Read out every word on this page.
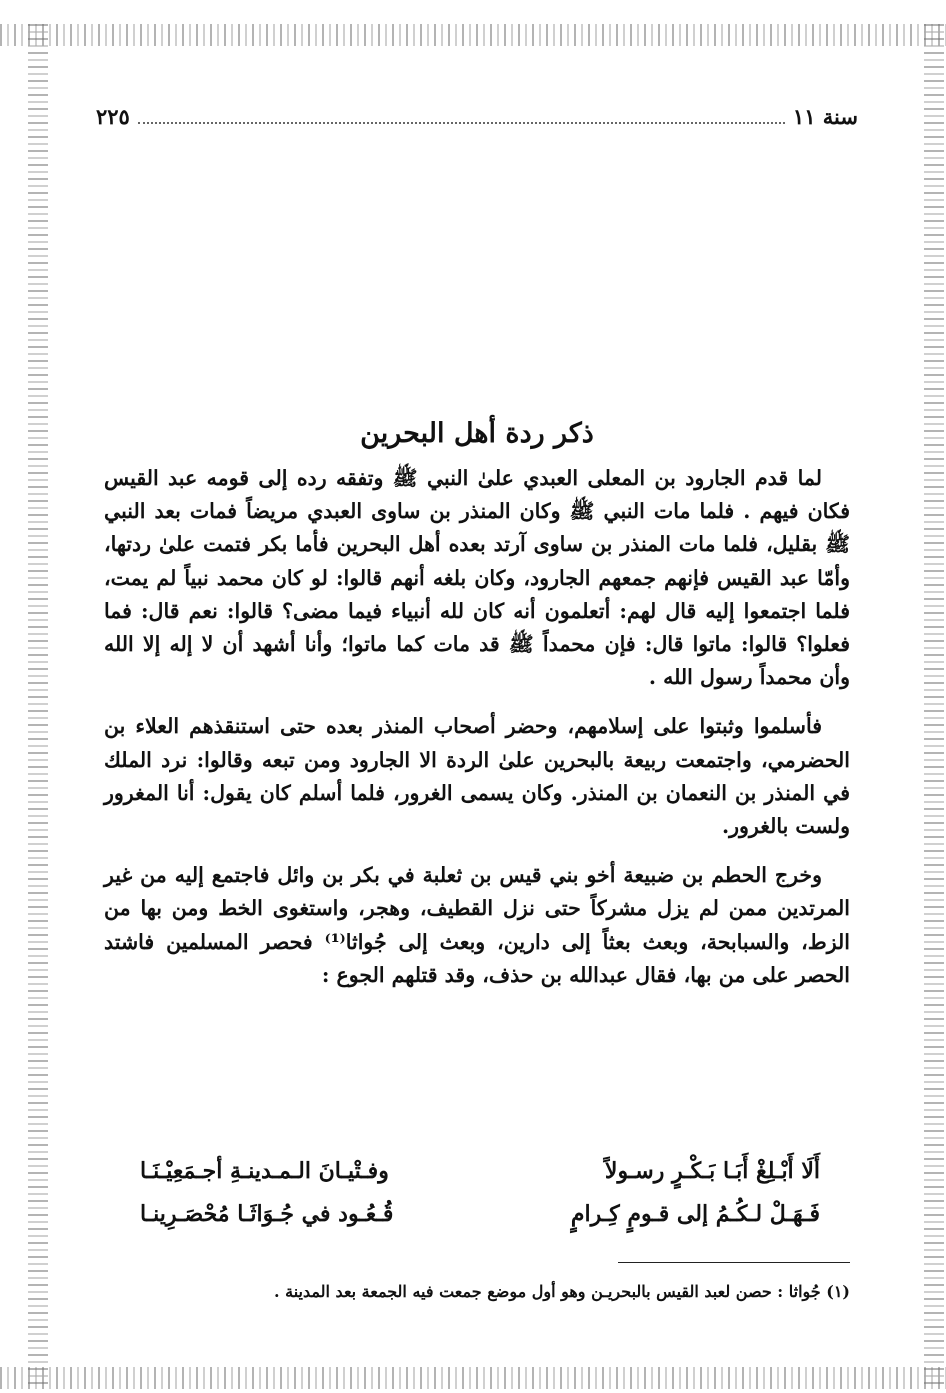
سنة ١١
٢٢٥
ذكر ردة أهل البحرين

لما قدم الجارود بن المعلى العبدي علىٰ النبي ﷺ وتفقه رده إلى قومه عبد القيس فكان فيهم . فلما مات النبي ﷺ وكان المنذر بن ساوى العبدي مريضاً فمات بعد النبي ﷺ بقليل، فلما مات المنذر بن ساوى آرتد بعده أهل البحرين فأما بكر فتمت علىٰ ردتها، وأمّا عبد القيس فإنهم جمعهم الجارود، وكان بلغه أنهم قالوا: لو كان محمد نبياً لم يمت، فلما اجتمعوا إليه قال لهم: أتعلمون أنه كان لله أنبياء فيما مضى؟ قالوا: نعم قال: فما فعلوا؟ قالوا: ماتوا قال: فإن محمداً ﷺ قد مات كما ماتوا؛ وأنا أشهد أن لا إله إلا الله وأن محمداً رسول الله .

فأسلموا وثبتوا على إسلامهم، وحضر أصحاب المنذر بعده حتى استنقذهم العلاء بن الحضرمي، واجتمعت ربيعة بالبحرين علىٰ الردة الا الجارود ومن تبعه وقالوا: نرد الملك في المنذر بن النعمان بن المنذر. وكان يسمى الغرور، فلما أسلم كان يقول: أنا المغرور ولست بالغرور.

وخرج الحطم بن ضبيعة أخو بني قيس بن ثعلبة في بكر بن وائل فاجتمع إليه من غير المرتدين ممن لم يزل مشركاً حتى نزل القطيف، وهجر، واستغوى الخط ومن بها من الزط، والسبابحة، وبعث بعثاً إلى دارين، وبعث إلى جُواثا⁽¹⁾ فحصر المسلمين فاشتد الحصر على من بها، فقال عبدالله بن حذف، وقد قتلهم الجوع :

أَلَا أَبْـلِغْ أَبَـا بَـكْـرٍ رسـولاً
وفـتْيـانَ الـمـدينـةِ أجـمَعِيْـنَـا
فَـهَـلْ لـكُـمُ إلى قـومٍ كِـرامٍ
قُـعُـود في جُـوَاثَـا مُحْصَـرِينـا
(١) جُواثا : حصن لعبد القيس بالبحريـن وهو أول موضع جمعت فيه الجمعة بعد المدينة .
